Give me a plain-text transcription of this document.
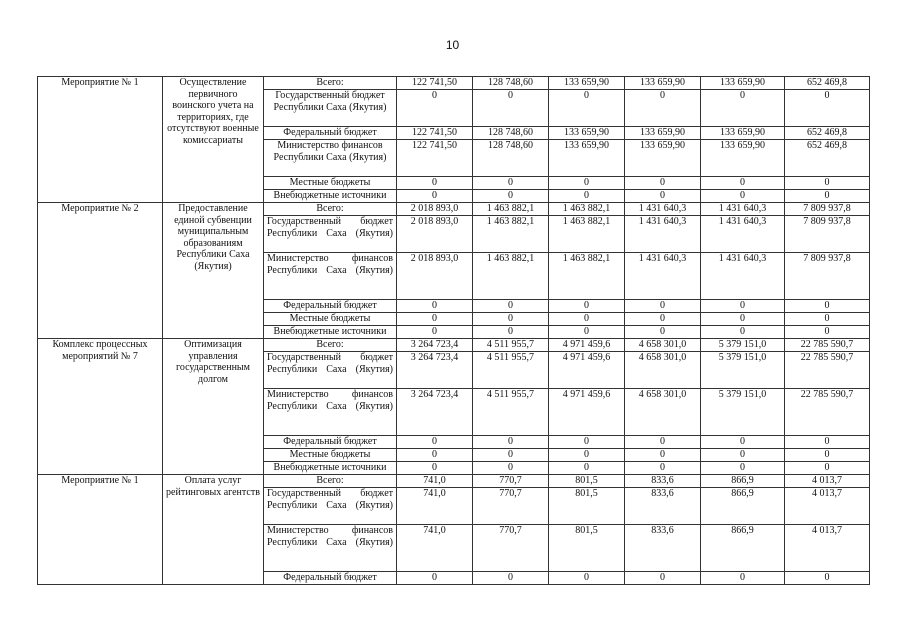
10
Мероприятие № 1	Осуществление первичного воинского учета на территориях, где отсутствуют военные комиссариаты	Всего:	122 741,50	128 748,60	133 659,90	133 659,90	133 659,90	652 469,8
		Государственный бюджет Республики Саха (Якутия)	0	0	0	0	0	0
		Федеральный бюджет	122 741,50	128 748,60	133 659,90	133 659,90	133 659,90	652 469,8
		Министерство финансов Республики Саха (Якутия)	122 741,50	128 748,60	133 659,90	133 659,90	133 659,90	652 469,8
		Местные бюджеты	0	0	0	0	0	0
		Внебюджетные источники	0	0	0	0	0	0
Мероприятие № 2	Предоставление единой субвенции муниципальным образованиям Республики Саха (Якутия)	Всего:	2 018 893,0	1 463 882,1	1 463 882,1	1 431 640,3	1 431 640,3	7 809 937,8
		Государственный бюджет Республики Саха (Якутия)	2 018 893,0	1 463 882,1	1 463 882,1	1 431 640,3	1 431 640,3	7 809 937,8
		Министерство финансов Республики Саха (Якутия)	2 018 893,0	1 463 882,1	1 463 882,1	1 431 640,3	1 431 640,3	7 809 937,8
		Федеральный бюджет	0	0	0	0	0	0
		Местные бюджеты	0	0	0	0	0	0
		Внебюджетные источники	0	0	0	0	0	0
Комплекс процессных мероприятий № 7	Оптимизация управления государственным долгом	Всего:	3 264 723,4	4 511 955,7	4 971 459,6	4 658 301,0	5 379 151,0	22 785 590,7
		Государственный бюджет Республики Саха (Якутия)	3 264 723,4	4 511 955,7	4 971 459,6	4 658 301,0	5 379 151,0	22 785 590,7
		Министерство финансов Республики Саха (Якутия)	3 264 723,4	4 511 955,7	4 971 459,6	4 658 301,0	5 379 151,0	22 785 590,7
		Федеральный бюджет	0	0	0	0	0	0
		Местные бюджеты	0	0	0	0	0	0
		Внебюджетные источники	0	0	0	0	0	0
Мероприятие № 1	Оплата услуг рейтинговых агентств	Всего:	741,0	770,7	801,5	833,6	866,9	4 013,7
		Государственный бюджет Республики Саха (Якутия)	741,0	770,7	801,5	833,6	866,9	4 013,7
		Министерство финансов Республики Саха (Якутия)	741,0	770,7	801,5	833,6	866,9	4 013,7
		Федеральный бюджет	0	0	0	0	0	0
